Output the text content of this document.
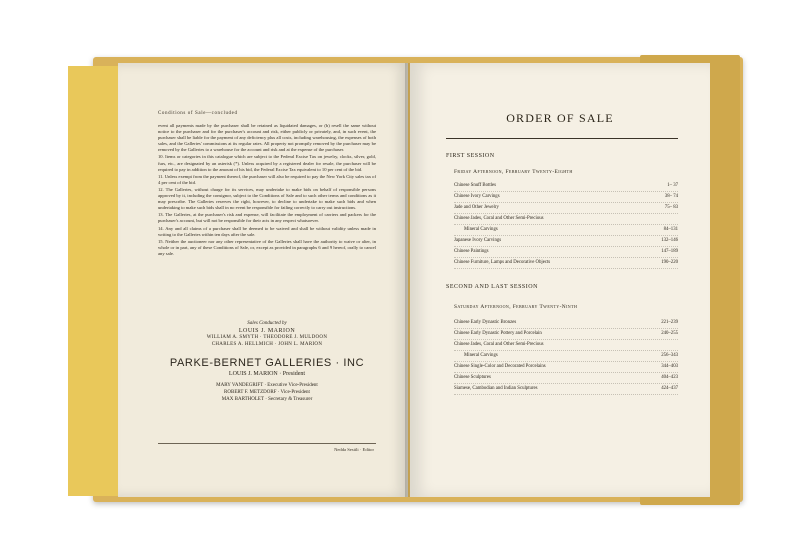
Conditions of Sale—concluded

event all payments made by the purchaser shall be retained as liquidated damages, or (b) resell the same without notice to the purchaser and for the purchaser's account and risk, either publicly or privately, and, in such event, the purchaser shall be liable for the payment of any deficiency plus all costs, including warehousing, the expenses of both sales, and the Galleries' commissions at its regular rates. All property not promptly removed by the purchaser may be removed by the Galleries to a warehouse for the account and risk and at the expense of the purchaser.

10. Items or categories in this catalogue which are subject to the Federal Excise Tax on jewelry, clocks, silver, gold, furs, etc., are designated by an asterisk (*). Unless acquired by a registered dealer for resale, the purchaser will be required to pay in addition to the amount of his bid, the Federal Excise Tax equivalent to 10 per cent of the bid.

11. Unless exempt from the payment thereof, the purchaser will also be required to pay the New York City sales tax of 4 per cent of the bid.

12. The Galleries, without charge for its services, may undertake to make bids on behalf of responsible persons approved by it, including the consignor, subject to the Conditions of Sale and to such other terms and conditions as it may prescribe. The Galleries reserves the right, however, to decline to undertake to make such bids and when undertaking to make such bids shall in no event be responsible for failing correctly to carry out instructions.

13. The Galleries, at the purchaser's risk and expense, will facilitate the employment of carriers and packers for the purchaser's account, but will not be responsible for their acts in any respect whatsoever.

14. Any and all claims of a purchaser shall be deemed to be waived and shall be without validity unless made in writing to the Galleries within ten days after the sale.

15. Neither the auctioneer nor any other representative of the Galleries shall have the authority to waive or alter, in whole or in part, any of these Conditions of Sale, or, except as provided in paragraphs 6 and 9 hereof, orally to cancel any sale.

Sales Conducted by
LOUIS J. MARION
WILLIAM A. SMYTH · THEODORE J. MULDOON
CHARLES A. HELLMICH · JOHN L. MARION
PARKE-BERNET GALLERIES · INC
LOUIS J. MARION · President
MARY VANDEGRIFT · Executive Vice-President
ROBERT F. METZDORF · Vice-President
MAX BARTHOLET · Secretary & Treasurer
Nedda Sestili · Editor
ORDER OF SALE
FIRST SESSION
Friday Afternoon, February Twenty-Eighth
Chinese Snuff Bottles	1– 37
Chinese Ivory Carvings	38– 74
Jade and Other Jewelry	75– 83
Chinese Jades, Coral and Other Semi-Precious
Mineral Carvings	84–131
Japanese Ivory Carvings	132–146
Chinese Paintings	147–189
Chinese Furniture, Lamps and Decorative Objects	190–220
SECOND AND LAST SESSION
Saturday Afternoon, February Twenty-Ninth
Chinese Early Dynastic Bronzes	221–239
Chinese Early Dynastic Pottery and Porcelain	240–255
Chinese Jades, Coral and Other Semi-Precious
Mineral Carvings	256–343
Chinese Single-Color and Decorated Porcelains	344–403
Chinese Sculptures	404–423
Siamese, Cambodian and Indian Sculptures	424–437
